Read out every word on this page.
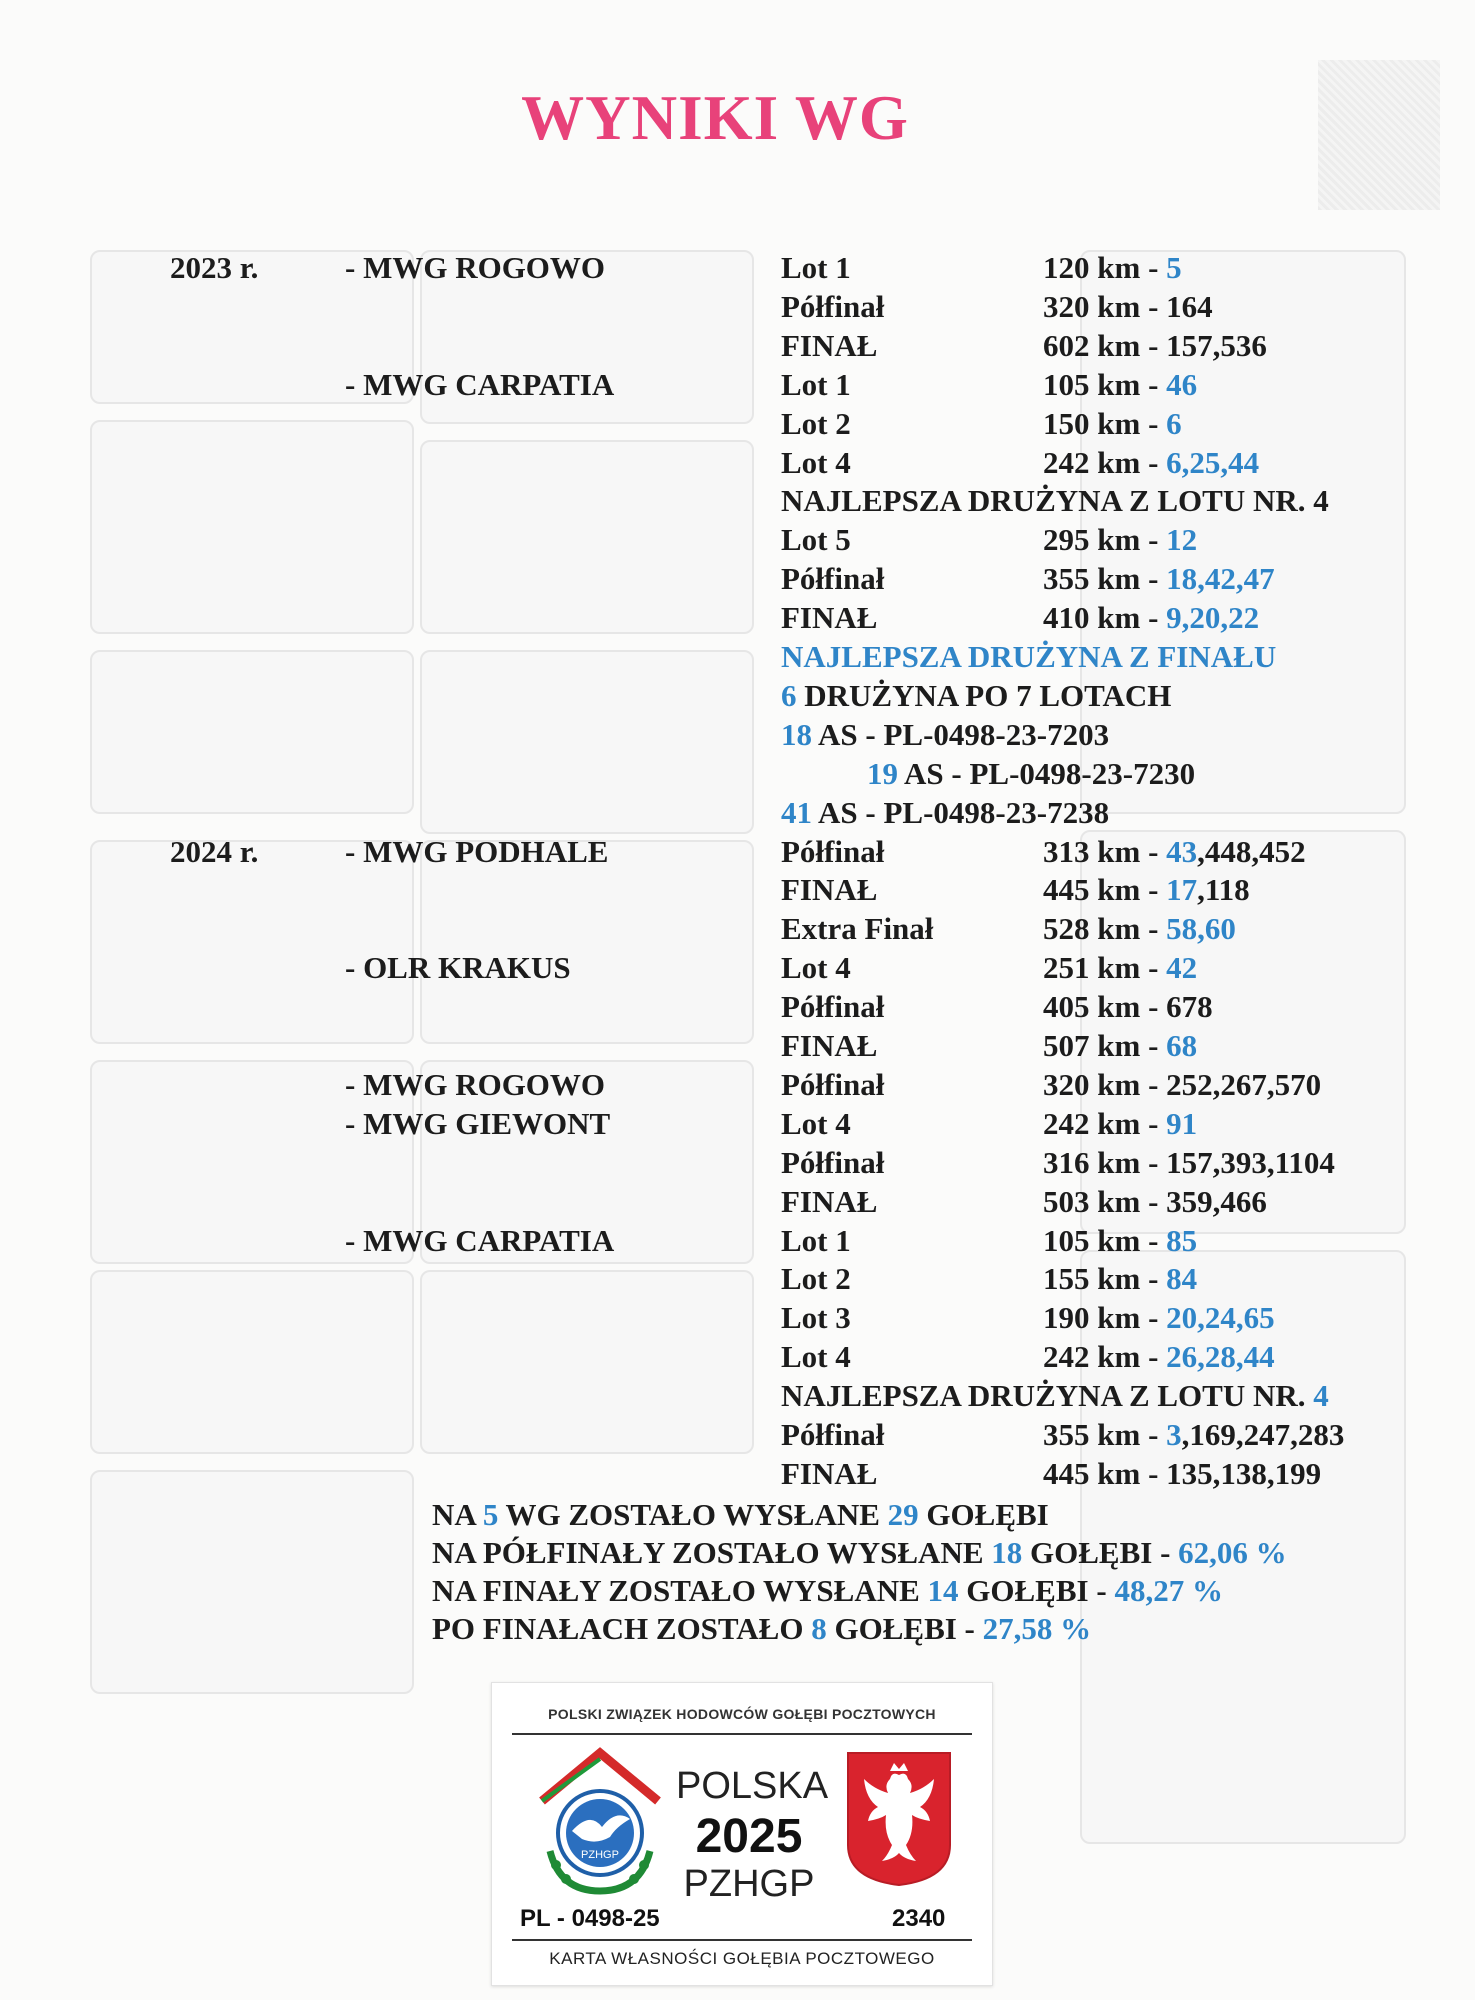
WYNIKI WG
2023 r.	- MWG ROGOWO	Lot 1	120 km - 5
Półfinał	320 km - 164
FINAŁ	602 km - 157,536
- MWG CARPATIA	Lot 1	105 km - 46
Lot 2	150 km - 6
Lot 4	242 km - 6,25,44
NAJLEPSZA DRUŻYNA Z LOTU NR. 4
Lot 5	295 km - 12
Półfinał	355 km - 18,42,47
FINAŁ	410 km - 9,20,22
NAJLEPSZA DRUŻYNA Z FINAŁU
6 DRUŻYNA PO 7 LOTACH
18 AS - PL-0498-23-7203
19 AS - PL-0498-23-7230
41 AS - PL-0498-23-7238
2024 r.	- MWG PODHALE	Półfinał	313 km - 43,448,452
FINAŁ	445 km - 17,118
Extra Finał	528 km - 58,60
- OLR KRAKUS	Lot 4	251 km - 42
Półfinał	405 km - 678
FINAŁ	507 km - 68
- MWG ROGOWO	Półfinał	320 km - 252,267,570
- MWG GIEWONT	Lot 4	242 km - 91
Półfinał	316 km - 157,393,1104
FINAŁ	503 km - 359,466
- MWG CARPATIA	Lot 1	105 km - 85
Lot 2	155 km - 84
Lot 3	190 km - 20,24,65
Lot 4	242 km - 26,28,44
NAJLEPSZA DRUŻYNA Z LOTU NR. 4
Półfinał	355 km - 3,169,247,283
FINAŁ	445 km - 135,138,199
NA 5 WG ZOSTAŁO WYSŁANE 29 GOŁĘBI
NA PÓŁFINAŁY ZOSTAŁO WYSŁANE 18 GOŁĘBI - 62,06 %
NA FINAŁY ZOSTAŁO WYSŁANE 14 GOŁĘBI - 48,27 %
PO FINAŁACH ZOSTAŁO 8 GOŁĘBI - 27,58 %
POLSKI ZWIĄZEK HODOWCÓW GOŁĘBI POCZTOWYCH
PZHGP
POLSKA
2025
PZHGP
PL - 0498-25	2340
KARTA WŁASNOŚCI GOŁĘBIA POCZTOWEGO
